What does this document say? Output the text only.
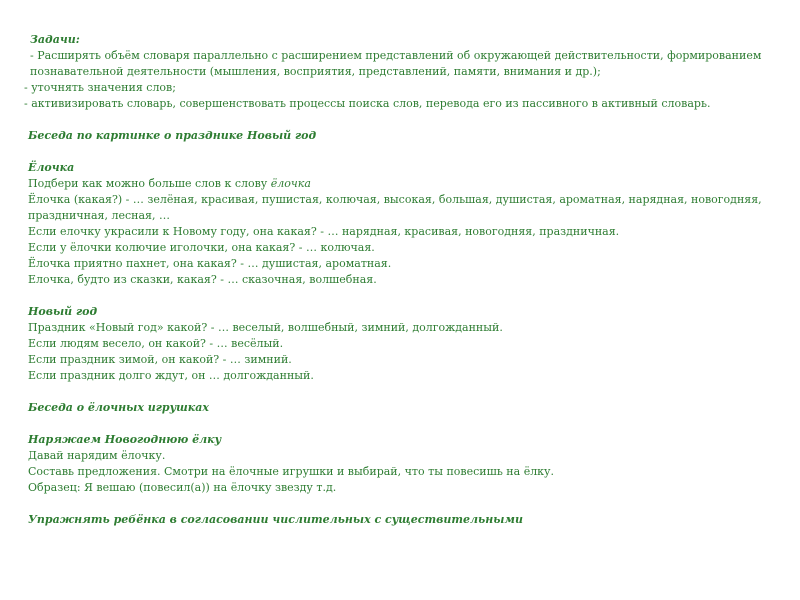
Задачи:
- Расширять объём словаря параллельно с расширением представлений об окружающей действительности, формированием
познавательной деятельности (мышления, восприятия, представлений, памяти, внимания и др.);
- уточнять значения слов;
- активизировать словарь, совершенствовать процессы поиска слов, перевода его из пассивного в активный словарь.
Беседа по картинке о празднике Новый год
Ёлочка
Подбери как можно больше слов к слову ёлочка
Ёлочка (какая?) - … зелёная, красивая, пушистая, колючая, высокая, большая, душистая, ароматная, нарядная, новогодняя,
праздничная, лесная, …
Если елочку украсили к Новому году, она какая? - … нарядная, красивая, новогодняя, праздничная.
Если у ёлочки колючие иголочки, она какая? - … колючая.
Ёлочка приятно пахнет, она какая? - … душистая, ароматная.
Елочка, будто из сказки, какая? - … сказочная, волшебная.
Новый год
Праздник «Новый год» какой? - … веселый, волшебный, зимний, долгожданный.
Если людям весело, он какой? - … весёлый.
Если праздник зимой, он какой? - … зимний.
Если праздник долго ждут, он … долгожданный.
Беседа о ёлочных игрушках
Наряжаем Новогоднюю ёлку
Давай нарядим ёлочку.
Составь предложения. Смотри на ёлочные игрушки и выбирай, что ты повесишь на ёлку.
Образец: Я вешаю (повесил(а)) на ёлочку звезду т.д.
Упражнять ребёнка в согласовании числительных с существительными
